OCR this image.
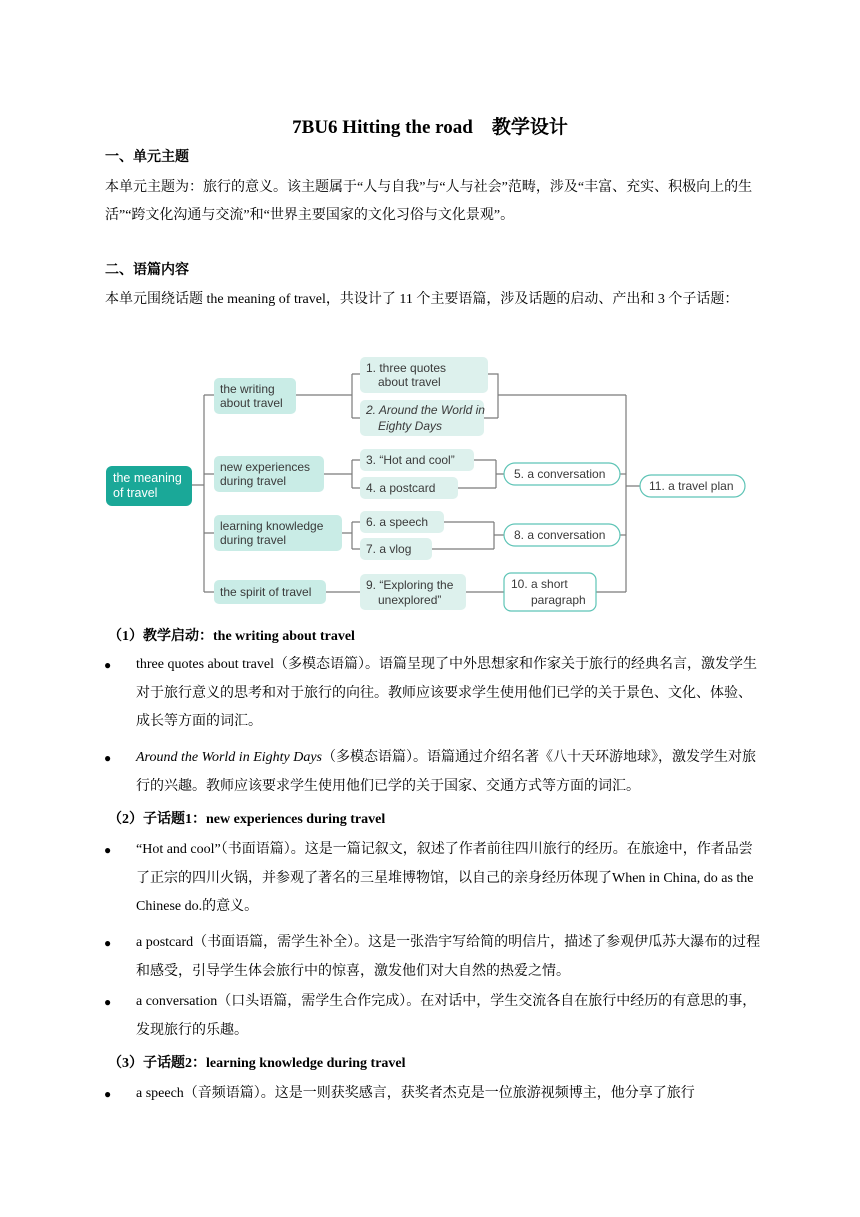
7BU6 Hitting the road　教学设计
一、单元主题
本单元主题为：旅行的意义。该主题属于“人与自我”与“人与社会”范畴，涉及“丰富、充实、积极向上的生活”“跨文化沟通与交流”和“世界主要国家的文化习俗与文化景观”。
二、语篇内容
本单元围绕话题 the meaning of travel，共设计了 11 个主要语篇，涉及话题的启动、产出和 3 个子话题：
the meaning
of travel
the writing
about travel
new experiences
during travel
learning knowledge
during travel
the spirit of travel
1. three quotes
about travel
2. Around the World in
Eighty Days
3. “Hot and cool”
4. a postcard
6. a speech
7. a vlog
9. “Exploring the
unexplored”
5. a conversation
8. a conversation
10. a short
paragraph
11. a travel plan
（1）教学启动：the writing about travel
● three quotes about travel（多模态语篇）。语篇呈现了中外思想家和作家关于旅行的经典名言，激发学生对于旅行意义的思考和对于旅行的向往。教师应该要求学生使用他们已学的关于景色、文化、体验、成长等方面的词汇。
● Around the World in Eighty Days（多模态语篇）。语篇通过介绍名著《八十天环游地球》，激发学生对旅行的兴趣。教师应该要求学生使用他们已学的关于国家、交通方式等方面的词汇。
（2）子话题1：new experiences during travel
● “Hot and cool”（书面语篇）。这是一篇记叙文，叙述了作者前往四川旅行的经历。在旅途中，作者品尝了正宗的四川火锅，并参观了著名的三星堆博物馆，以自己的亲身经历体现了When in China, do as the Chinese do.的意义。
● a postcard（书面语篇，需学生补全）。这是一张浩宇写给简的明信片，描述了参观伊瓜苏大瀑布的过程和感受，引导学生体会旅行中的惊喜，激发他们对大自然的热爱之情。
● a conversation（口头语篇，需学生合作完成）。在对话中，学生交流各自在旅行中经历的有意思的事，发现旅行的乐趣。
（3）子话题2：learning knowledge during travel
● a speech（音频语篇）。这是一则获奖感言，获奖者杰克是一位旅游视频博主，他分享了旅行
